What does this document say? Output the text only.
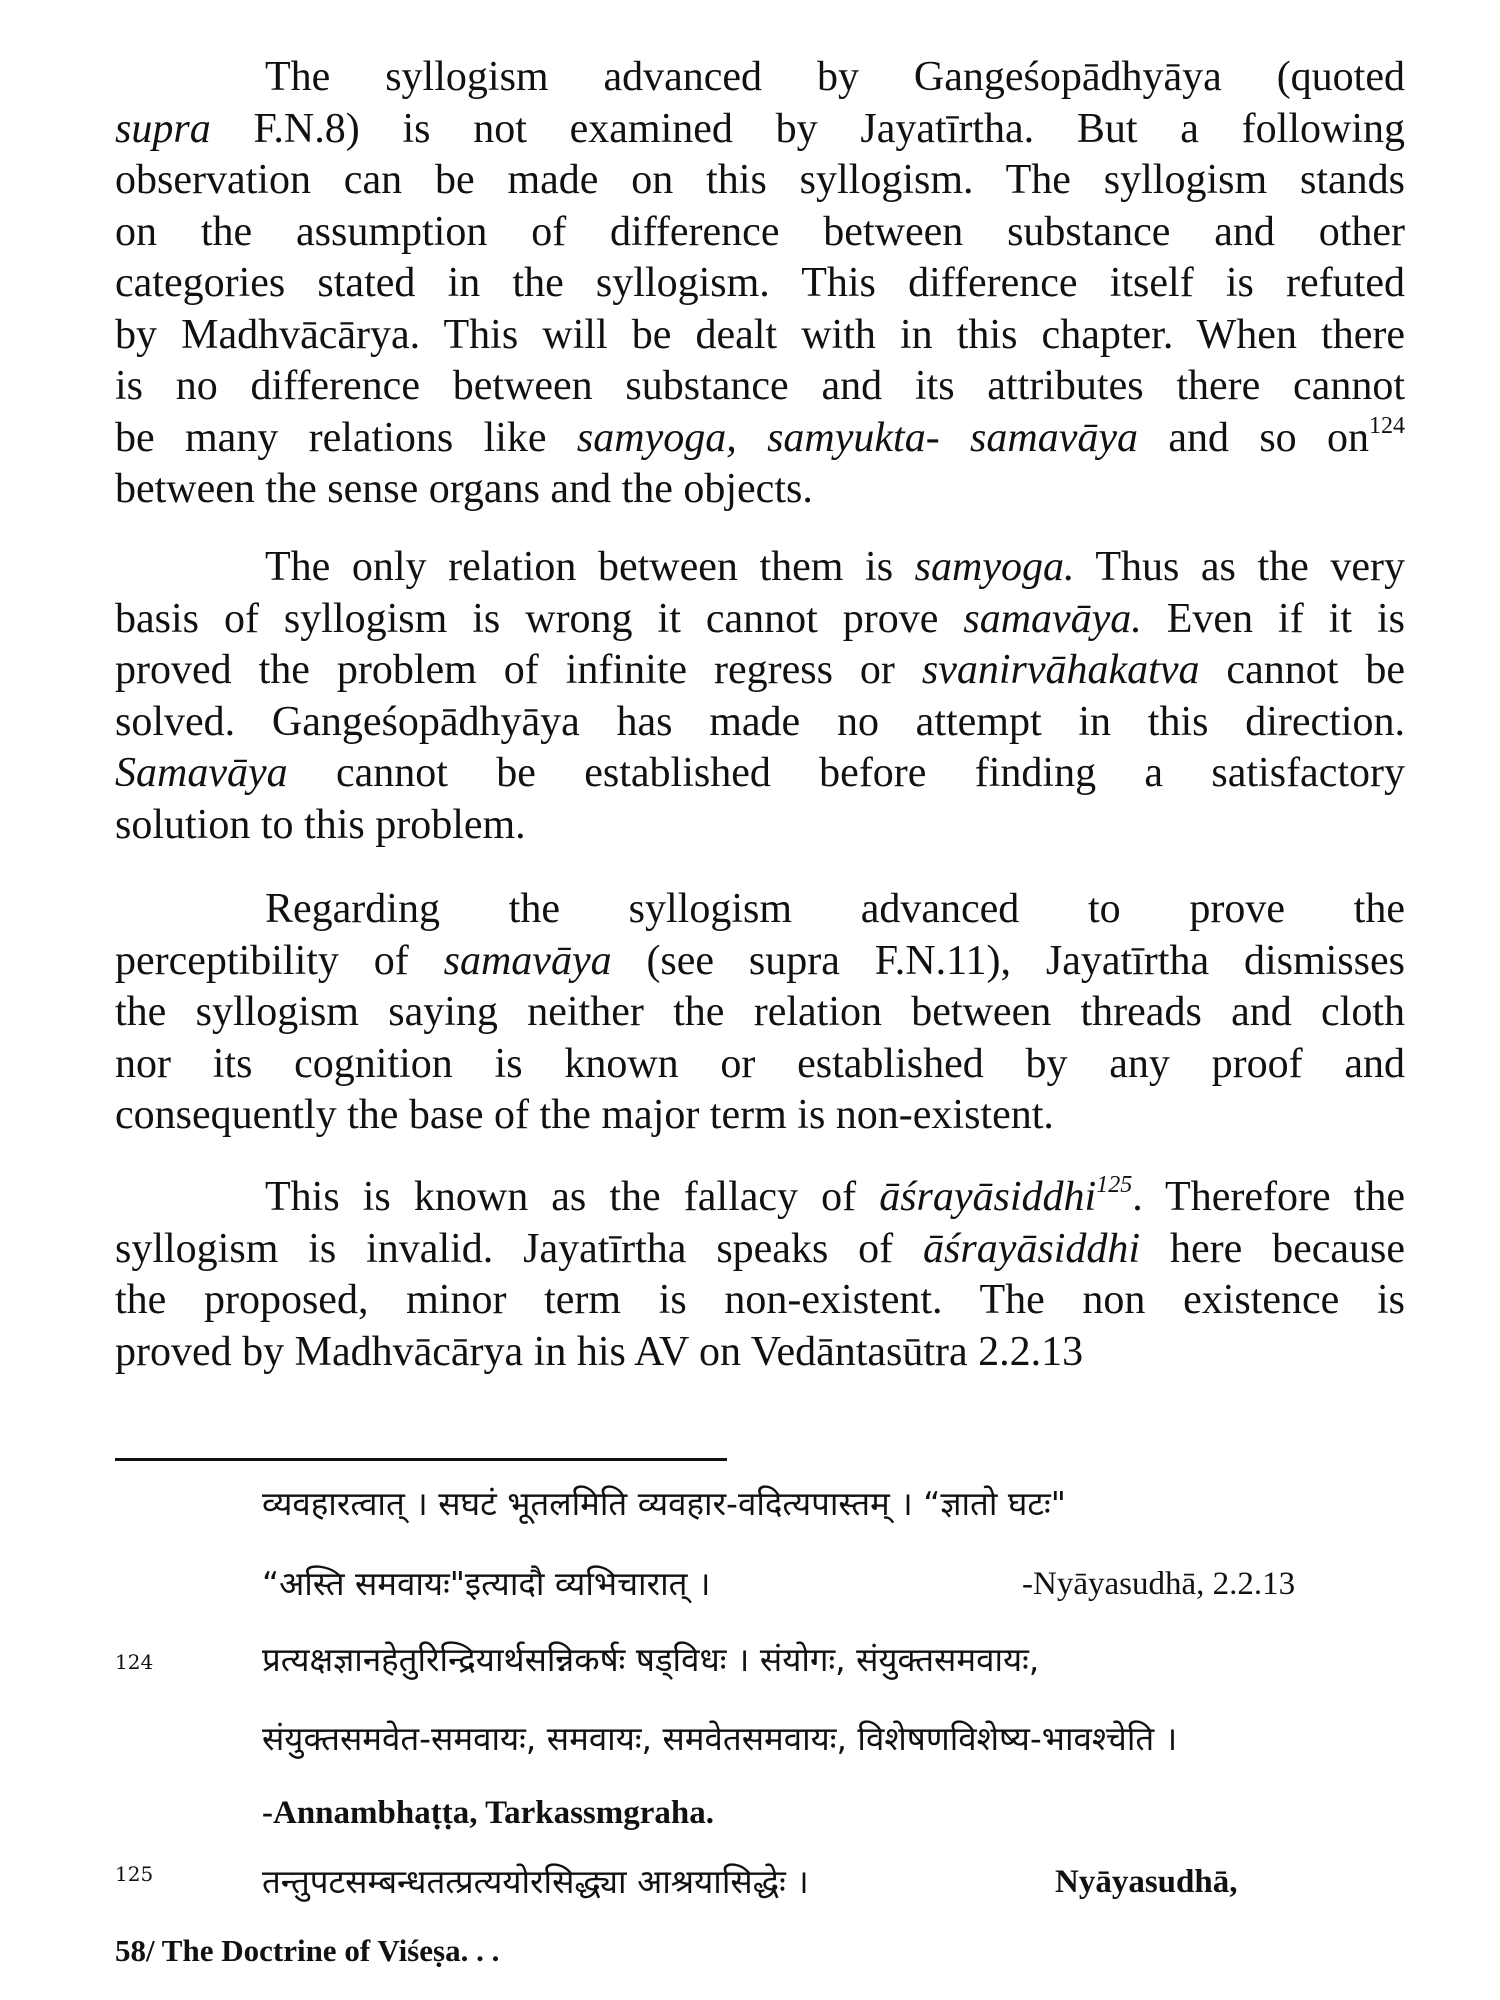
The syllogism advanced by Gangeśopādhyāya (quoted
supra F.N.8) is not examined by Jayatīrtha. But a following
observation can be made on this syllogism. The syllogism stands
on the assumption of difference between substance and other
categories stated in the syllogism. This difference itself is refuted
by Madhvācārya. This will be dealt with in this chapter. When there
is no difference between substance and its attributes there cannot
be many relations like samyoga, samyukta- samavāya and so $on^{124}$
between the sense organs and the objects.
The only relation between them is samyoga. Thus as the very
basis of syllogism is wrong it cannot prove samavāya. Even if it is
proved the problem of infinite regress or svanirvāhakatva cannot be
solved. Gangeśopādhyāya has made no attempt in this direction.
Samavāya cannot be established before finding a satisfactory
solution to this problem.
Regarding the syllogism advanced to prove the
perceptibility of samavāya (see supra F.N.11), Jayatīrtha dismisses
the syllogism saying neither the relation between threads and cloth
nor its cognition is known or established by any proof and
consequently the base of the major term is non-existent.
This is known as the fallacy of āśrayāsiddhi$^{125}$. Therefore the
syllogism is invalid. Jayatīrtha speaks of āśrayāsiddhi here because
the proposed, minor term is non-existent. The non existence is
proved by Madhvācārya in his AV on Vedāntasūtra 2.2.13
व्यवहारत्वात् । सघटं भूतलमिति व्यवहार-वदित्यपास्तम् । “ज्ञातो घटः"
“अस्ति समवायः"इत्यादौ व्यभिचारात् ।	-Nyāyasudhā, 2.2.13
124	प्रत्यक्षज्ञानहेतुरिन्द्रियार्थसन्निकर्षः षड्विधः । संयोगः, संयुक्तसमवायः,
संयुक्तसमवेत-समवायः, समवायः, समवेतसमवायः, विशेषणविशेष्य-भावश्चेति ।
-Annambhaṭṭa, Tarkassmgraha.
125	तन्तुपटसम्बन्धतत्प्रत्ययोरसिद्ध्या आश्रयासिद्धेः ।	Nyāyasudhā,
58/ The Doctrine of Viśeṣa. . .
